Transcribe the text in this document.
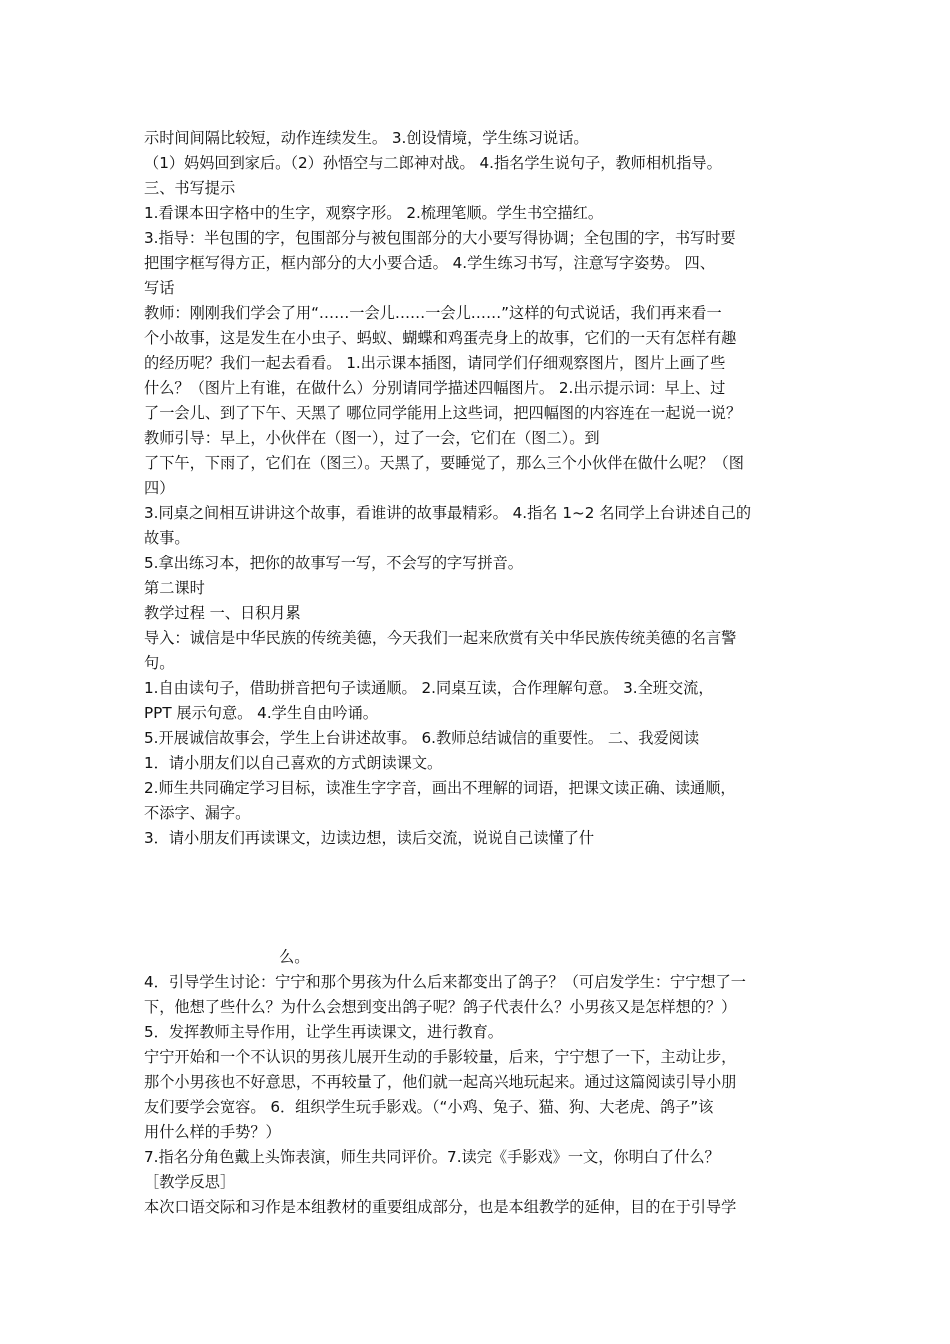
示时间间隔比较短，动作连续发生。 3.创设情境，学生练习说话。
（1）妈妈回到家后。（2）孙悟空与二郎神对战。 4.指名学生说句子，教师相机指导。
三、书写提示
1.看课本田字格中的生字，观察字形。 2.梳理笔顺。学生书空描红。
3.指导：半包围的字，包围部分与被包围部分的大小要写得协调；全包围的字，书写时要
把围字框写得方正，框内部分的大小要合适。 4.学生练习书写，注意写字姿势。 四、
写话
教师：刚刚我们学会了用“……一会儿……一会儿……”这样的句式说话，我们再来看一
个小故事，这是发生在小虫子、蚂蚁、蝴蝶和鸡蛋壳身上的故事，它们的一天有怎样有趣
的经历呢？我们一起去看看。 1.出示课本插图，请同学们仔细观察图片，图片上画了些
什么？（图片上有谁，在做什么）分别请同学描述四幅图片。 2.出示提示词：早上、过
了一会儿、到了下午、天黑了 哪位同学能用上这些词，把四幅图的内容连在一起说一说？
教师引导：早上，小伙伴在（图一），过了一会，它们在（图二）。到
了下午，下雨了，它们在（图三）。天黑了，要睡觉了，那么三个小伙伴在做什么呢？（图
四）
3.同桌之间相互讲讲这个故事，看谁讲的故事最精彩。 4.指名 1~2 名同学上台讲述自己的
故事。
5.拿出练习本，把你的故事写一写，不会写的字写拼音。
第二课时
教学过程 一、日积月累
导入：诚信是中华民族的传统美德，今天我们一起来欣赏有关中华民族传统美德的名言警
句。
1.自由读句子，借助拼音把句子读通顺。 2.同桌互读，合作理解句意。 3.全班交流，
PPT 展示句意。 4.学生自由吟诵。
5.开展诚信故事会，学生上台讲述故事。 6.教师总结诚信的重要性。 二、我爱阅读
1．请小朋友们以自己喜欢的方式朗读课文。
2.师生共同确定学习目标，读准生字字音，画出不理解的词语，把课文读正确、读通顺，
不添字、漏字。
3．请小朋友们再读课文，边读边想，读后交流，说说自己读懂了什
么。
4．引导学生讨论：宁宁和那个男孩为什么后来都变出了鸽子？（可启发学生：宁宁想了一
下，他想了些什么？为什么会想到变出鸽子呢？鸽子代表什么？小男孩又是怎样想的？）
5．发挥教师主导作用，让学生再读课文，进行教育。
宁宁开始和一个不认识的男孩儿展开生动的手影较量，后来，宁宁想了一下，主动让步，
那个小男孩也不好意思，不再较量了，他们就一起高兴地玩起来。通过这篇阅读引导小朋
友们要学会宽容。 6．组织学生玩手影戏。（“小鸡、兔子、猫、狗、大老虎、鸽子”该
用什么样的手势？）
7.指名分角色戴上头饰表演，师生共同评价。7.读完《手影戏》一文，你明白了什么？
［教学反思］
本次口语交际和习作是本组教材的重要组成部分，也是本组教学的延伸，目的在于引导学
